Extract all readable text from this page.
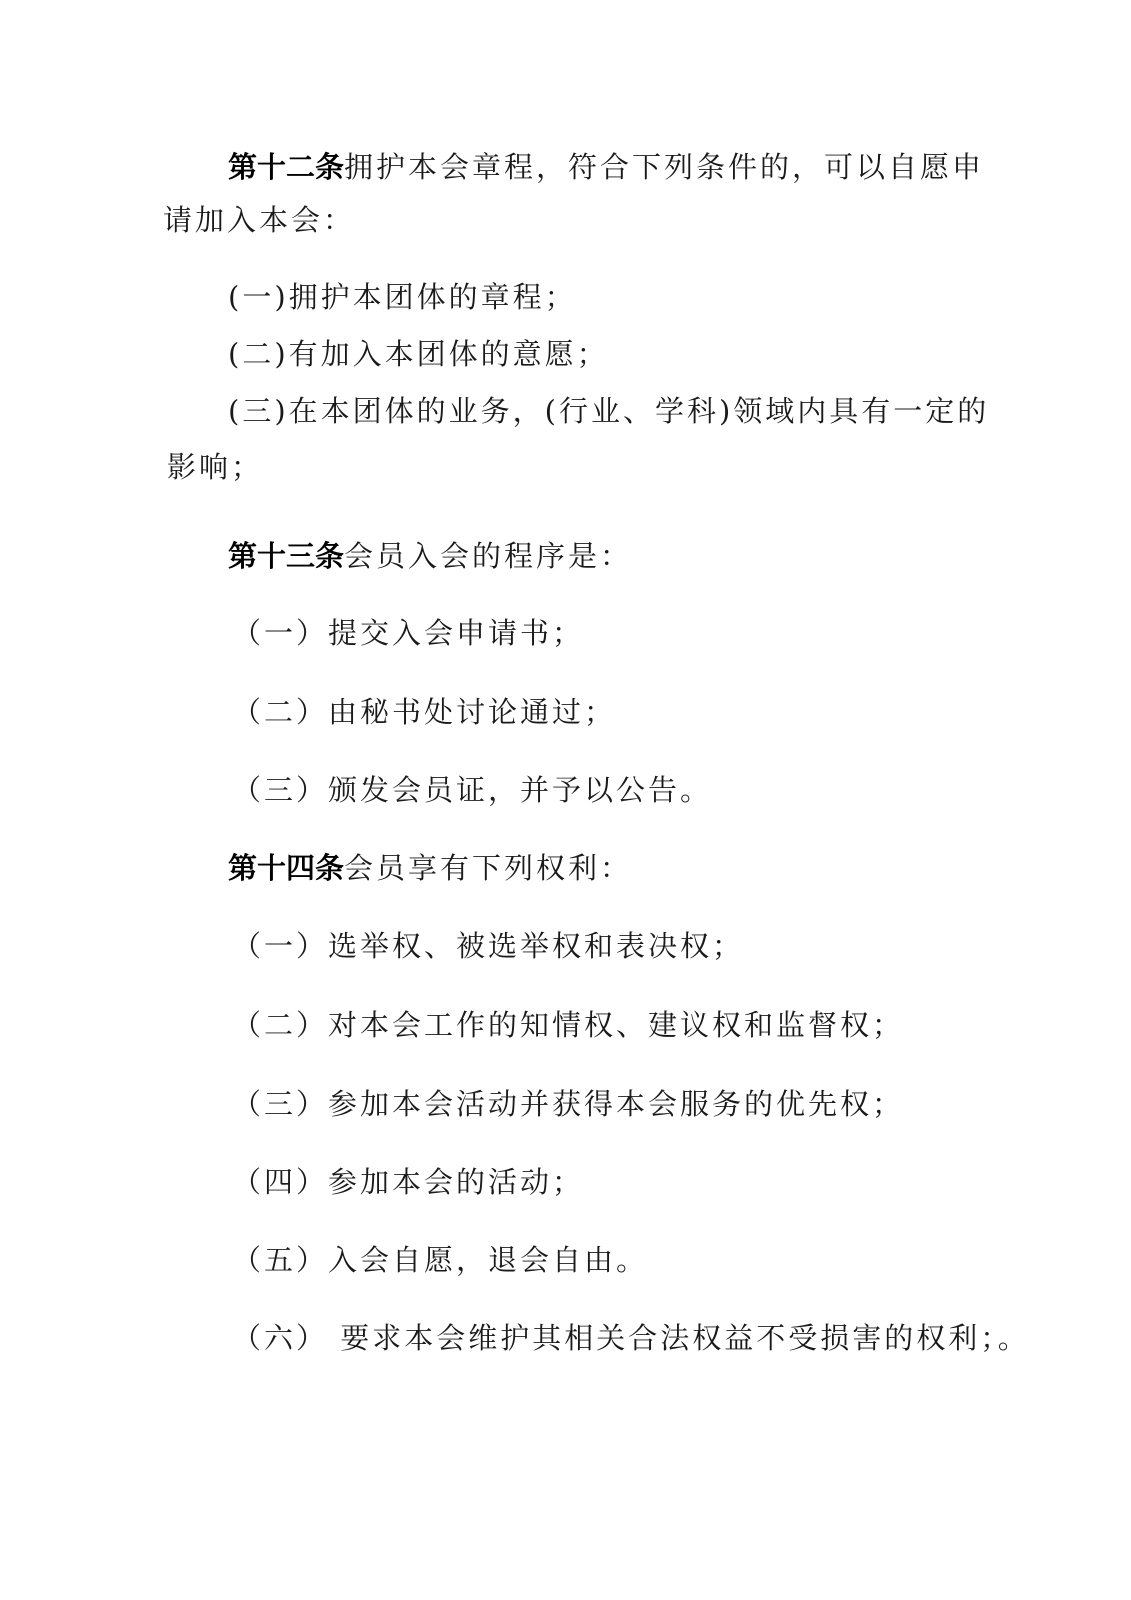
第十二条拥护本会章程，符合下列条件的，可以自愿申
请加入本会：
(一)拥护本团体的章程；
(二)有加入本团体的意愿；
(三)在本团体的业务，(行业、学科)领域内具有一定的
影响；
第十三条会员入会的程序是：
（一）提交入会申请书；
（二）由秘书处讨论通过；
（三）颁发会员证，并予以公告。
第十四条会员享有下列权利：
（一）选举权、被选举权和表决权；
（二）对本会工作的知情权、建议权和监督权；
（三）参加本会活动并获得本会服务的优先权；
（四）参加本会的活动；
（五）入会自愿，退会自由。
（六） 要求本会维护其相关合法权益不受损害的权利；。
